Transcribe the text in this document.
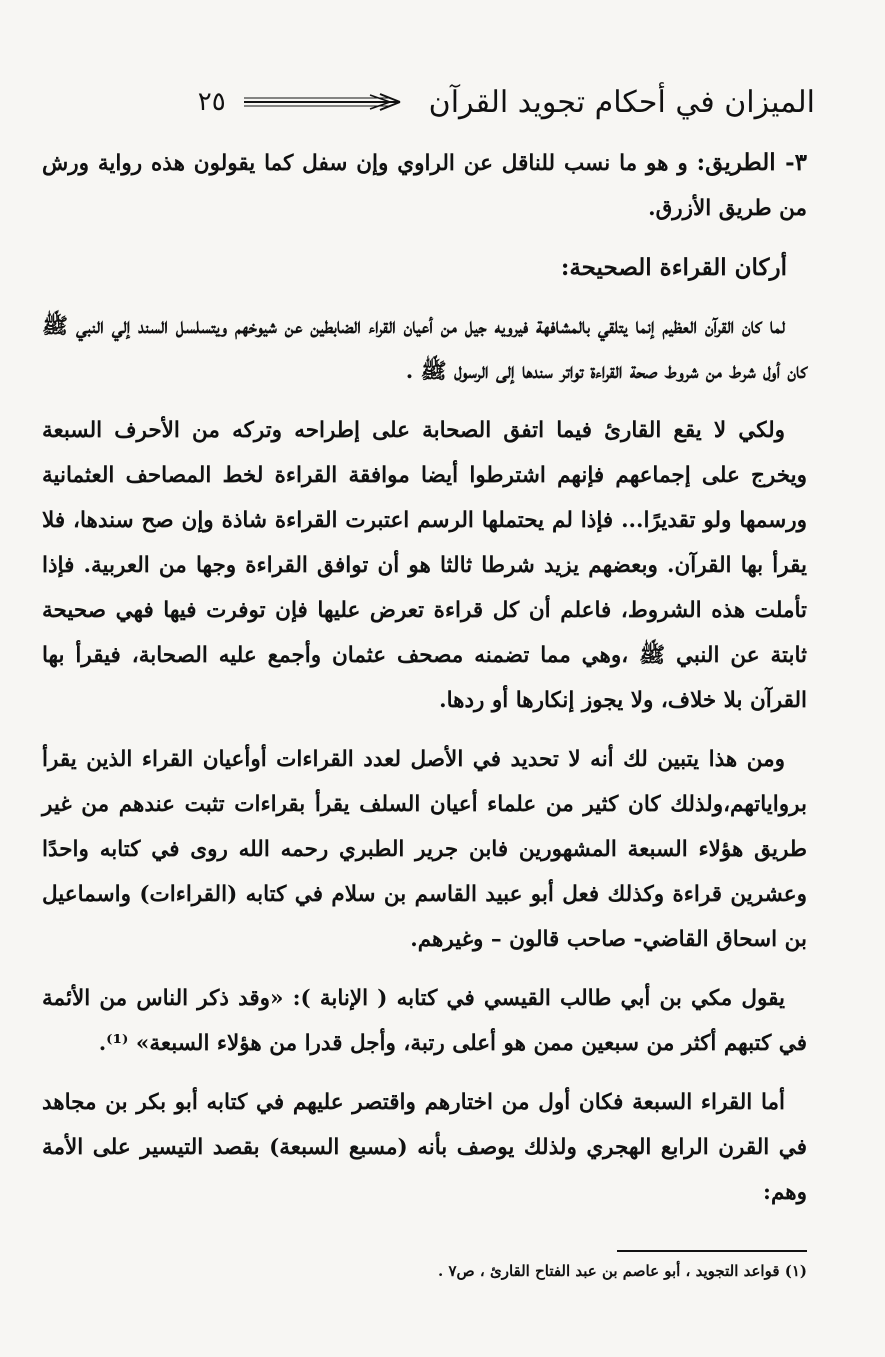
الميزان في أحكام تجويد القرآن
٢٥

٣- الطريق: و هو ما نسب للناقل عن الراوي وإن سفل كما يقولون هذه رواية ورش من طريق الأزرق.

أركان القراءة الصحيحة:

لما كان القرآن العظيم إنما يتلقي بالمشافهة فيرويه جيل من أعيان القراء الضابطين عن شيوخهم ويتسلسل السند إلي النبي ﷺ كان أول شرط من شروط صحة القراءة تواتر سندها إلى الرسول ﷺ .

ولكي لا يقع القارئ فيما اتفق الصحابة على إطراحه وتركه من الأحرف السبعة ويخرج على إجماعهم فإنهم اشترطوا أيضا موافقة القراءة لخط المصاحف العثمانية ورسمها ولو تقديرًا... فإذا لم يحتملها الرسم اعتبرت القراءة شاذة وإن صح سندها، فلا يقرأ بها القرآن. وبعضهم يزيد شرطا ثالثا هو أن توافق القراءة وجها من العربية. فإذا تأملت هذه الشروط، فاعلم أن كل قراءة تعرض عليها فإن توفرت فيها فهي صحيحة ثابتة عن النبي ﷺ ،وهي مما تضمنه مصحف عثمان وأجمع عليه الصحابة، فيقرأ بها القرآن بلا خلاف، ولا يجوز إنكارها أو ردها.

ومن هذا يتبين لك أنه لا تحديد في الأصل لعدد القراءات أوأعيان القراء الذين يقرأ برواياتهم،ولذلك كان كثير من علماء أعيان السلف يقرأ بقراءات تثبت عندهم من غير طريق هؤلاء السبعة المشهورين فابن جرير الطبري رحمه الله روى في كتابه واحدًا وعشرين قراءة وكذلك فعل أبو عبيد القاسم بن سلام في كتابه (القراءات) واسماعيل بن اسحاق القاضي- صاحب قالون – وغيرهم.

يقول مكي بن أبي طالب القيسي في كتابه ( الإنابة ): «وقد ذكر الناس من الأئمة في كتبهم أكثر من سبعين ممن هو أعلى رتبة، وأجل قدرا من هؤلاء السبعة» ⁽¹⁾.

أما القراء السبعة فكان أول من اختارهم واقتصر عليهم في كتابه أبو بكر بن مجاهد في القرن الرابع الهجري ولذلك يوصف بأنه (مسبع السبعة) بقصد التيسير على الأمة وهم:

(١) قواعد التجويد ، أبو عاصم بن عبد الفتاح القارئ ، ص٧ .
